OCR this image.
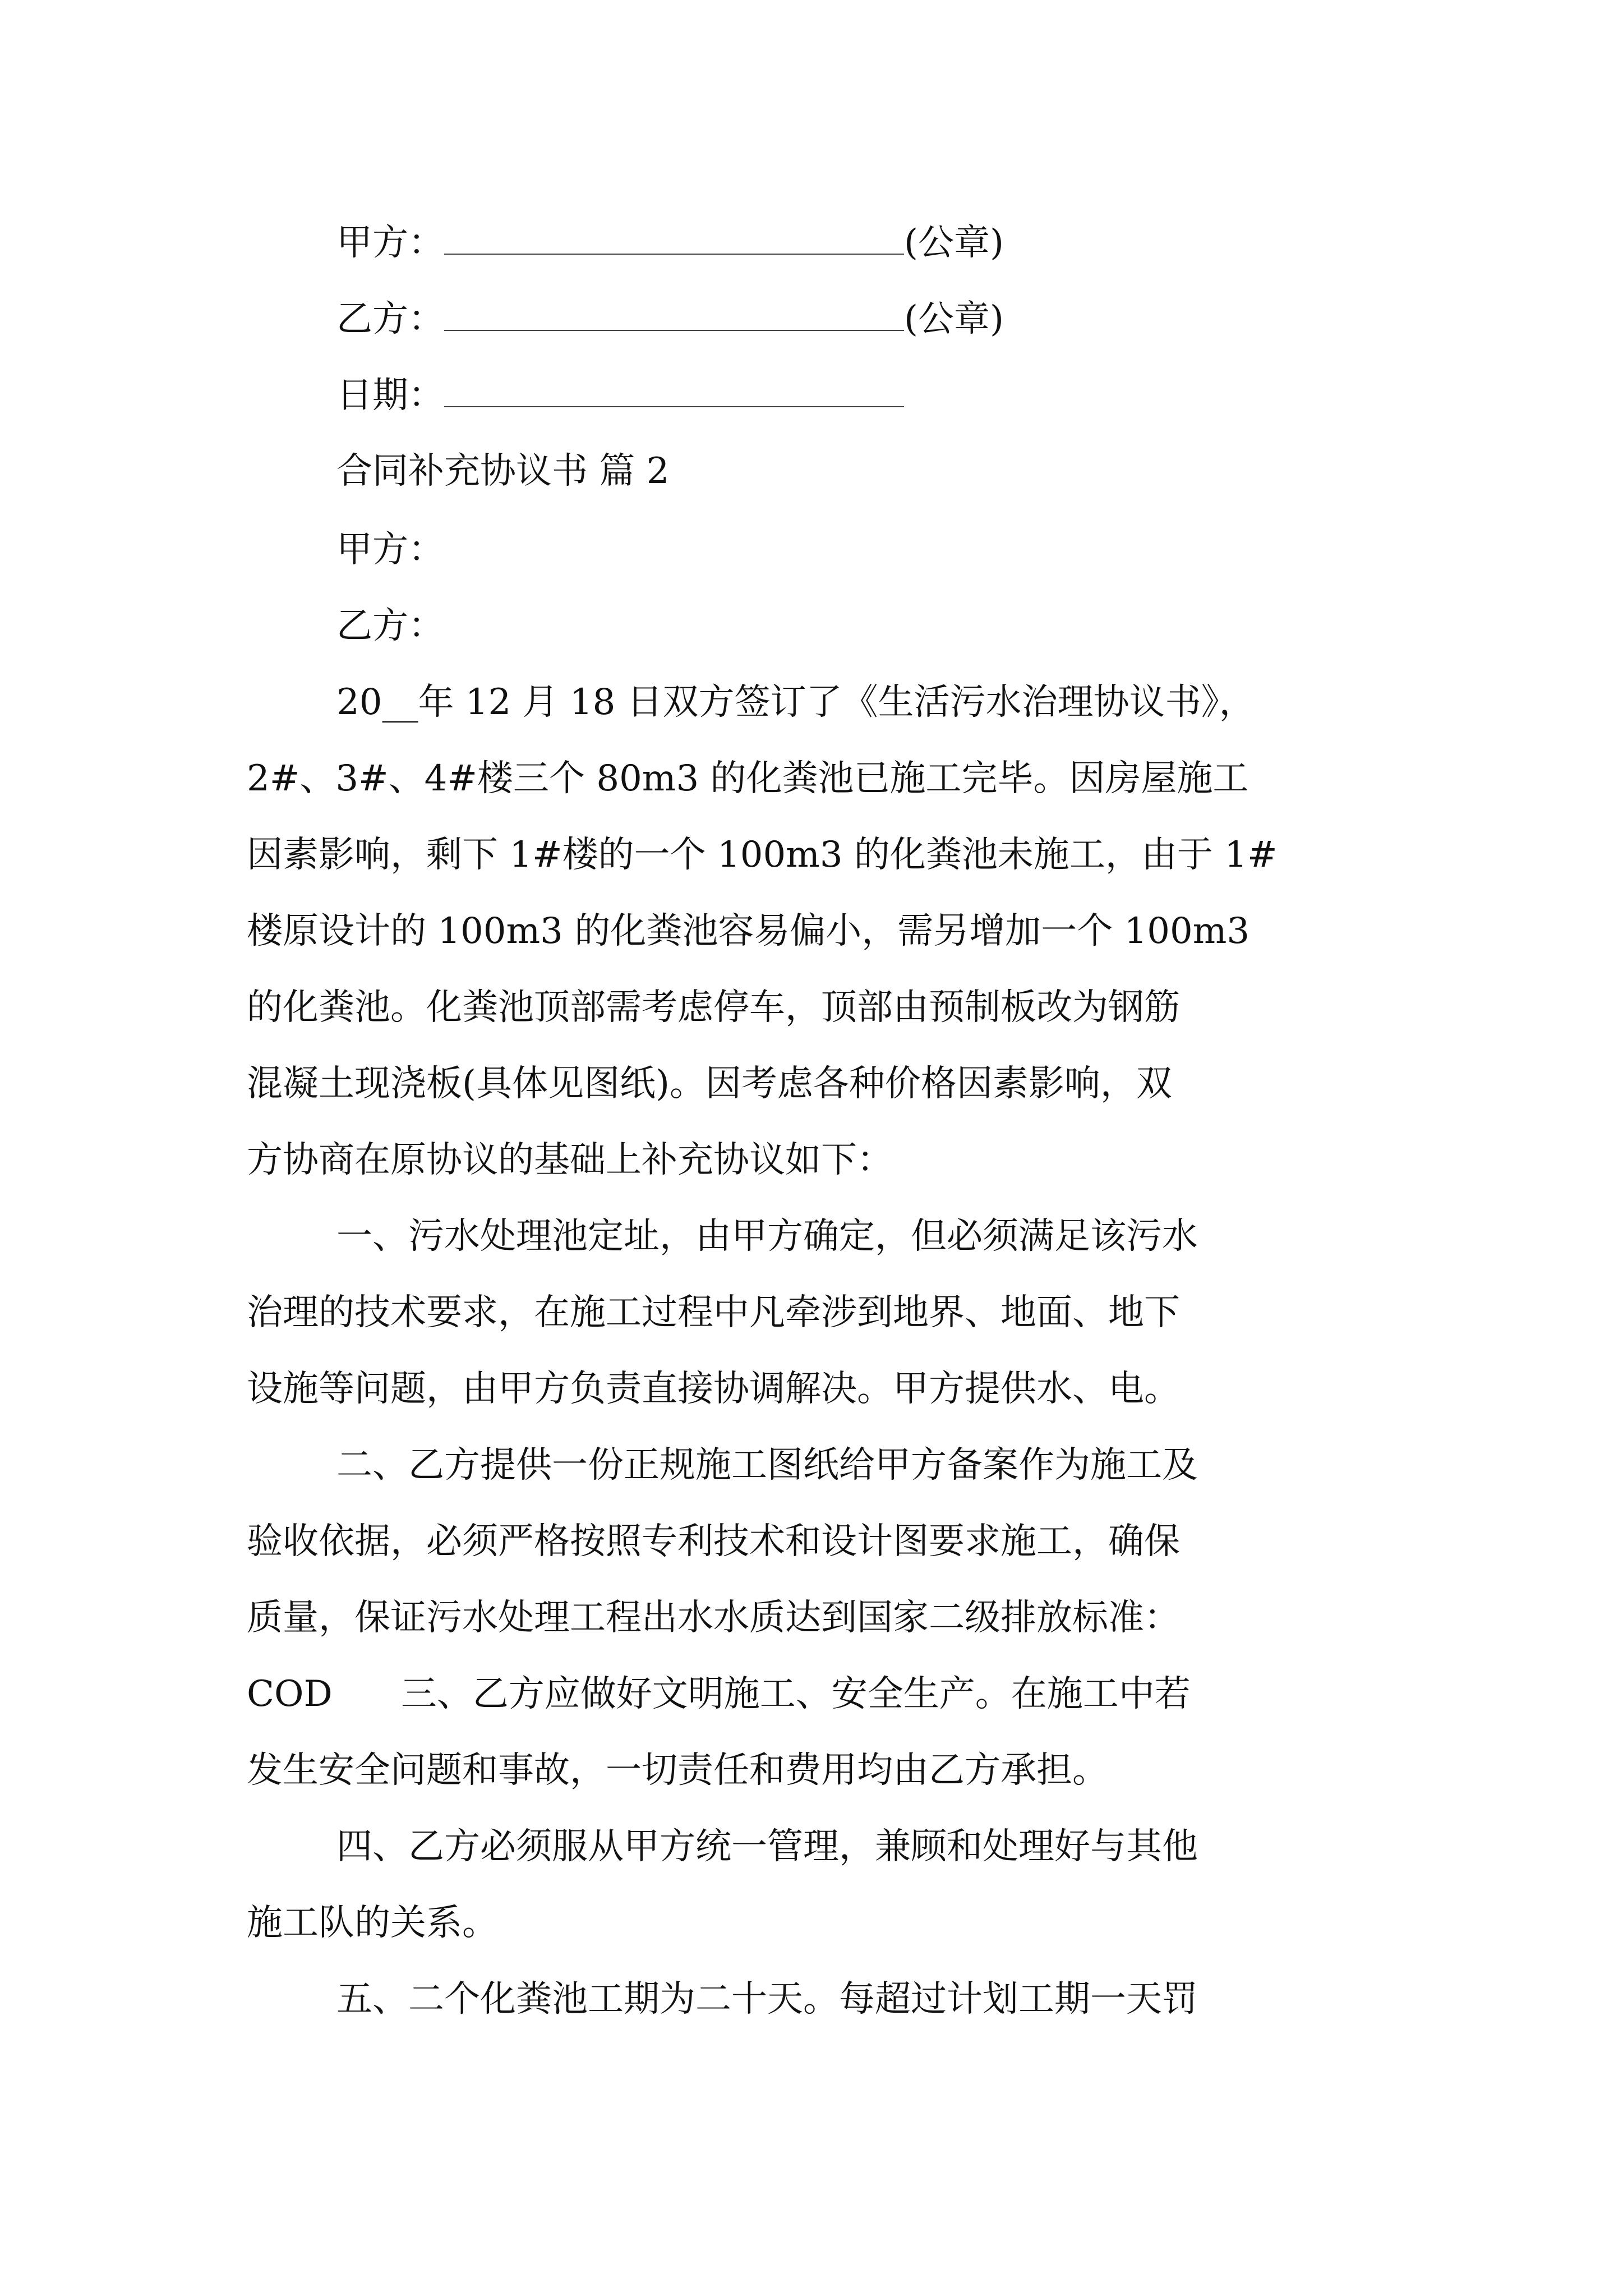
甲方：	(公章)
乙方：	(公章)
日期：
合同补充协议书 篇 2
甲方：
乙方：
20__年 12 月 18 日双方签订了《生活污水治理协议书》，
2#、3#、4#楼三个 80m3 的化粪池已施工完毕。因房屋施工
因素影响，剩下 1#楼的一个 100m3 的化粪池未施工，由于 1#
楼原设计的 100m3 的化粪池容易偏小，需另增加一个 100m3
的化粪池。化粪池顶部需考虑停车，顶部由预制板改为钢筋
混凝土现浇板(具体见图纸)。因考虑各种价格因素影响，双
方协商在原协议的基础上补充协议如下：
一、污水处理池定址，由甲方确定，但必须满足该污水
治理的技术要求，在施工过程中凡牵涉到地界、地面、地下
设施等问题，由甲方负责直接协调解决。甲方提供水、电。
二、乙方提供一份正规施工图纸给甲方备案作为施工及
验收依据，必须严格按照专利技术和设计图要求施工，确保
质量，保证污水处理工程出水水质达到国家二级排放标准：
COD      三、乙方应做好文明施工、安全生产。在施工中若
发生安全问题和事故，一切责任和费用均由乙方承担。
四、乙方必须服从甲方统一管理，兼顾和处理好与其他
施工队的关系。
五、二个化粪池工期为二十天。每超过计划工期一天罚
